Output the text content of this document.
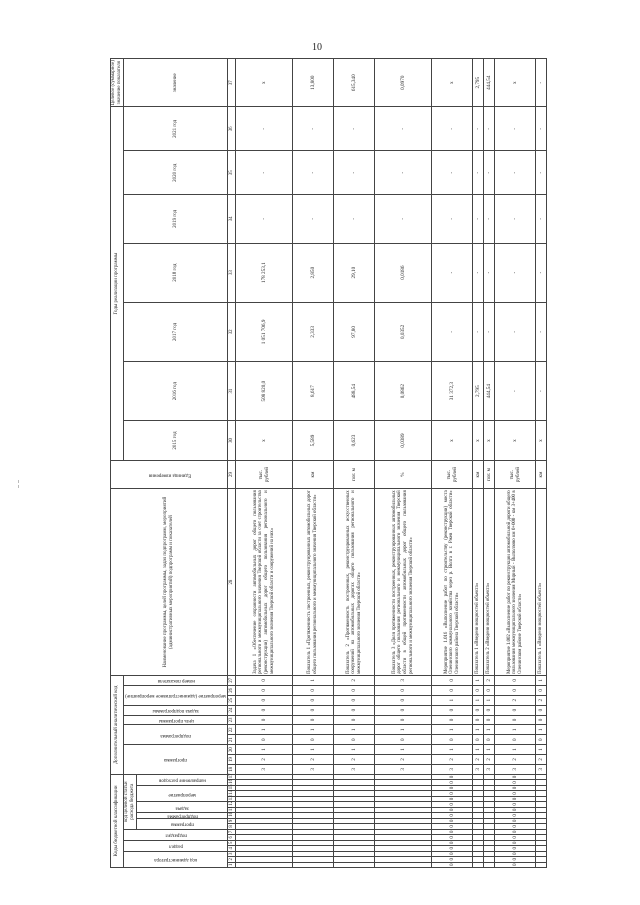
10
Коды бюджетной классификации																	Дополнительный аналитический код										Наименование программы, целей программы, задач подпрограмм, мероприятий (административных мероприятий) подпрограмм и показателей	Единица измерения	Годы реализации программы							Целевое (суммарное) значение показателя
код администратора			раздел		подраздел		код целевой статьи расхода бюджета										программа			подпрограмма		цель программы	задача подпрограммы	мероприятие (административное мероприятие)		номер показателя			2015 год	2016 год	2017 год	2018 год	2019 год	2020 год	2021 год	значение
							программа		подпрограмма	задача		мероприятие			направление расходов																					
1	2	3	4	5	6	7	8	9	10	11	12	13	14	15	16	17	18	19	20	21	22	23	24	25	26	27	28	29	30	31	32	33	34	35	36	37
																	3	2	1	0	1	0	0	0	0	0	Задача 1 «Обеспечение сохранности автомобильных дорог общего пользования регионального и межмуниципального значения Тверской области за счет строительства (реконструкции) автомобильных дорог общего пользования регионального и межмуниципального значения Тверской области и сооружений на них»	тыс. рублей	х	508 820,0	1 051 706,9	178 253,1	-	-	-	х
																	3	2	1	0	1	0	0	0	0	1	Показатель 1 «Протяженность построенных, реконструированных автомобильных дорог общего пользования регионального и межмуниципального значения Тверской области»	км	5,589	8,617	2,333	2,850	-	-	-	13,800
																	3	2	1	0	1	0	0	0	0	2	Показатель 2 «Протяженность построенных, реконструированных искусственных сооружений на автомобильных дорогах общего пользования регионального и межмуниципального значения Тверской области»	пог. м	0,623	488,54	97,80	29,10	-	-	-	615,340
																	3	2	1	0	1	0	0	0	0	3	Показатель 3 «Доля протяженности построенных, реконструированных автомобильных дорог общего пользования регионального и межмуниципального значения Тверской области в общей протяженности автомобильных дорог общего пользования регионального и межмуниципального значения Тверской области»	%	0,0389	0,0862	0,0352	0,0186	-	-	-	0,0970
0	0	0	0	0	0	0	0	0	0	0	0	0	0	0	0	0	3	2	1	0	1	0	0	1	0	0	Мероприятие 1.016 «Выполнение работ по строительству (реконструкции) моста Оленинского коммунального хозяйства через р. Волга в г. Ржев Тверской области» Оленинского района Тверской области»	тыс. рублей	х	31 372,3	-	-	-	-	-	х
																	3	2	1	0	1	0	0	1	0	1	Показатель 1 «Введено мощностей объекта»	км	х	2,795	-	-	-	-	-	2,795
																	3	2	1	0	1	0	0	1	0	2	Показатель 2 «Введено мощностей объекта»	пог. м	х	444,54	-	-	-	-	-	444,54
0	0	0	0	0	0	0	0	0	0	0	0	0	0	0	0	0	3	2	1	0	1	0	0	2	0	0	Мероприятие 1.002 «Выполнение работ по реконструкции автомобильной дороги общего пользования межмуниципального значения Мирный - Выползово км 0+000 - км 3+400 в Оленинском районе Тверской области»	тыс. рублей	х	-	-	-	-	-	-	х
																	3	2	1	0	1	0	0	2	0	1	Показатель 1 «Введено мощностей объекта»	км	х	-	-	-	-	-	-	-
